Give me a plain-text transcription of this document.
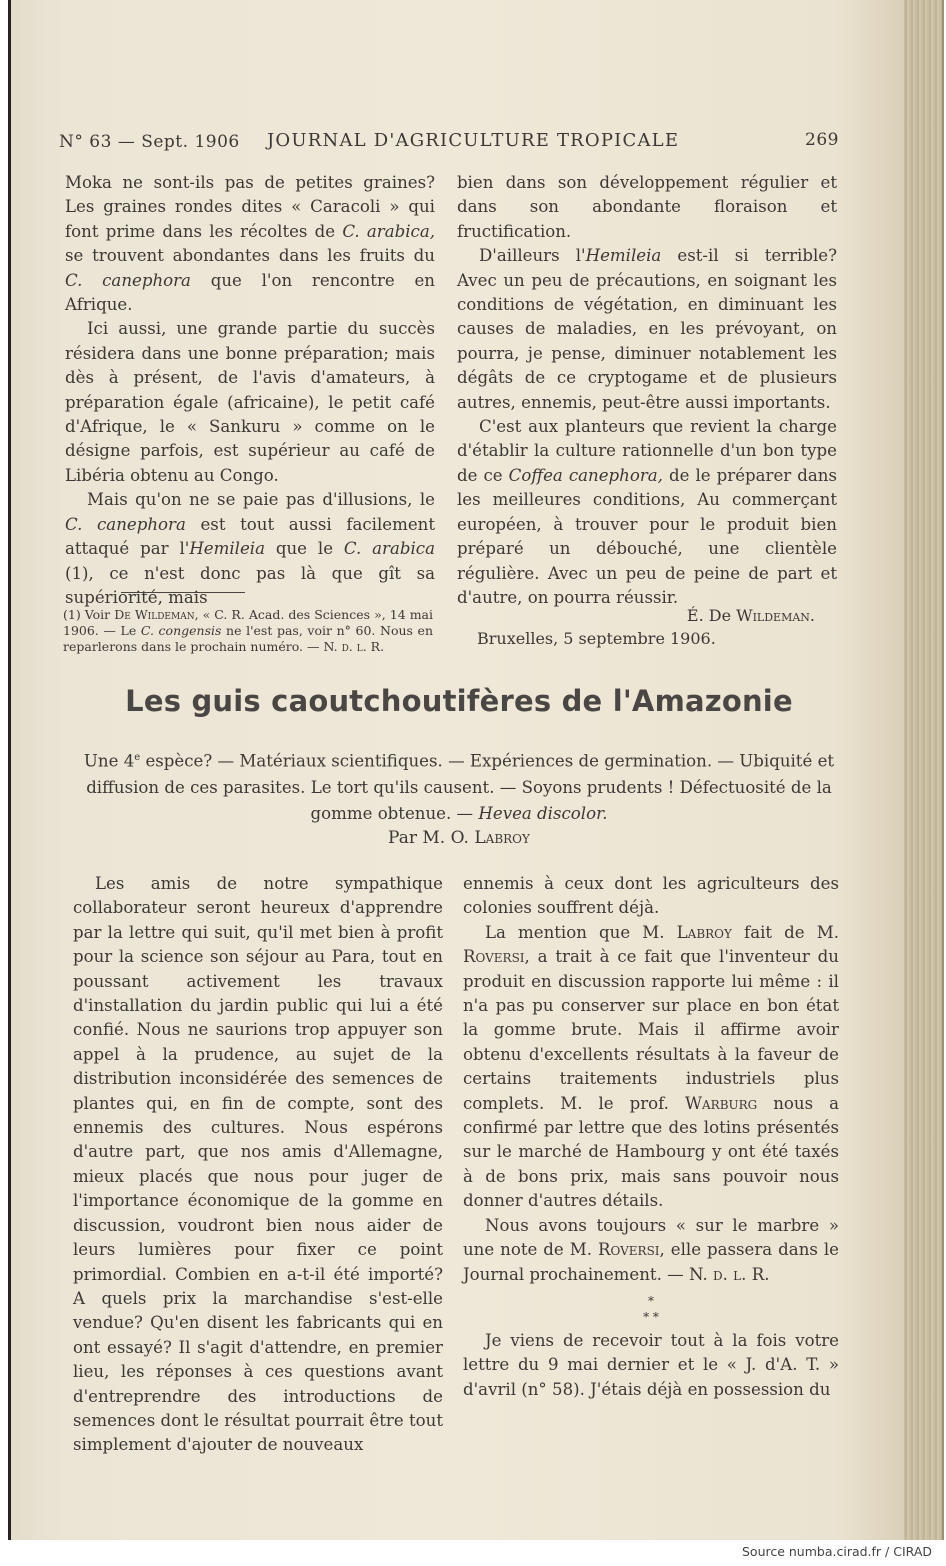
N° 63 — Sept. 1906 JOURNAL D'AGRICULTURE TROPICALE	269

Moka ne sont-ils pas de petites graines? Les graines rondes dites « Caracoli » qui font prime dans les récoltes de C. arabica, se trouvent abondantes dans les fruits du C. canephora que l'on rencontre en Afrique.

Ici aussi, une grande partie du succès résidera dans une bonne préparation; mais dès à présent, de l'avis d'amateurs, à préparation égale (africaine), le petit café d'Afrique, le « Sankuru » comme on le désigne parfois, est supérieur au café de Libéria obtenu au Congo.

Mais qu'on ne se paie pas d'illusions, le C. canephora est tout aussi facilement attaqué par l'Hemileia que le C. arabica (1), ce n'est donc pas là que gît sa supériorité, mais

(1) Voir De Wildeman, « C. R. Acad. des Sciences », 14 mai 1906. — Le C. congensis ne l'est pas, voir n° 60. Nous en reparlerons dans le prochain numéro. — N. d. l. R.

bien dans son développement régulier et dans son abondante floraison et fructification.

D'ailleurs l'Hemileia est-il si terrible? Avec un peu de précautions, en soignant les conditions de végétation, en diminuant les causes de maladies, en les prévoyant, on pourra, je pense, diminuer notablement les dégâts de ce cryptogame et de plusieurs autres, ennemis, peut-être aussi importants.

C'est aux planteurs que revient la charge d'établir la culture rationnelle d'un bon type de ce Coffea canephora, de le préparer dans les meilleures conditions, Au commerçant européen, à trouver pour le produit bien préparé un débouché, une clientèle régulière. Avec un peu de peine de part et d'autre, on pourra réussir.

É. De Wildeman.
Bruxelles, 5 septembre 1906.
Les guis caoutchoutifères de l'Amazonie
Une 4e espèce? — Matériaux scientifiques. — Expériences de germination. — Ubiquité et diffusion de ces parasites. Le tort qu'ils causent. — Soyons prudents ! Défectuosité de la gomme obtenue. — Hevea discolor.
Par M. O. Labroy

Les amis de notre sympathique collaborateur seront heureux d'apprendre par la lettre qui suit, qu'il met bien à profit pour la science son séjour au Para, tout en poussant activement les travaux d'installation du jardin public qui lui a été confié. Nous ne saurions trop appuyer son appel à la prudence, au sujet de la distribution inconsidérée des semences de plantes qui, en fin de compte, sont des ennemis des cultures. Nous espérons d'autre part, que nos amis d'Allemagne, mieux placés que nous pour juger de l'importance économique de la gomme en discussion, voudront bien nous aider de leurs lumières pour fixer ce point primordial. Combien en a-t-il été importé? A quels prix la marchandise s'est-elle vendue? Qu'en disent les fabricants qui en ont essayé? Il s'agit d'attendre, en premier lieu, les réponses à ces questions avant d'entreprendre des introductions de semences dont le résultat pourrait être tout simplement d'ajouter de nouveaux

ennemis à ceux dont les agriculteurs des colonies souffrent déjà.

La mention que M. Labroy fait de M. Roversi, a trait à ce fait que l'inventeur du produit en discussion rapporte lui même : il n'a pas pu conserver sur place en bon état la gomme brute. Mais il affirme avoir obtenu d'excellents résultats à la faveur de certains traitements industriels plus complets. M. le prof. Warburg nous a confirmé par lettre que des lotins présentés sur le marché de Hambourg y ont été taxés à de bons prix, mais sans pouvoir nous donner d'autres détails.

Nous avons toujours « sur le marbre » une note de M. Roversi, elle passera dans le Journal prochainement. — N. d. l. R.

*
* *

Je viens de recevoir tout à la fois votre lettre du 9 mai dernier et le « J. d'A. T. » d'avril (n° 58). J'étais déjà en possession du

Source numba.cirad.fr / CIRAD
